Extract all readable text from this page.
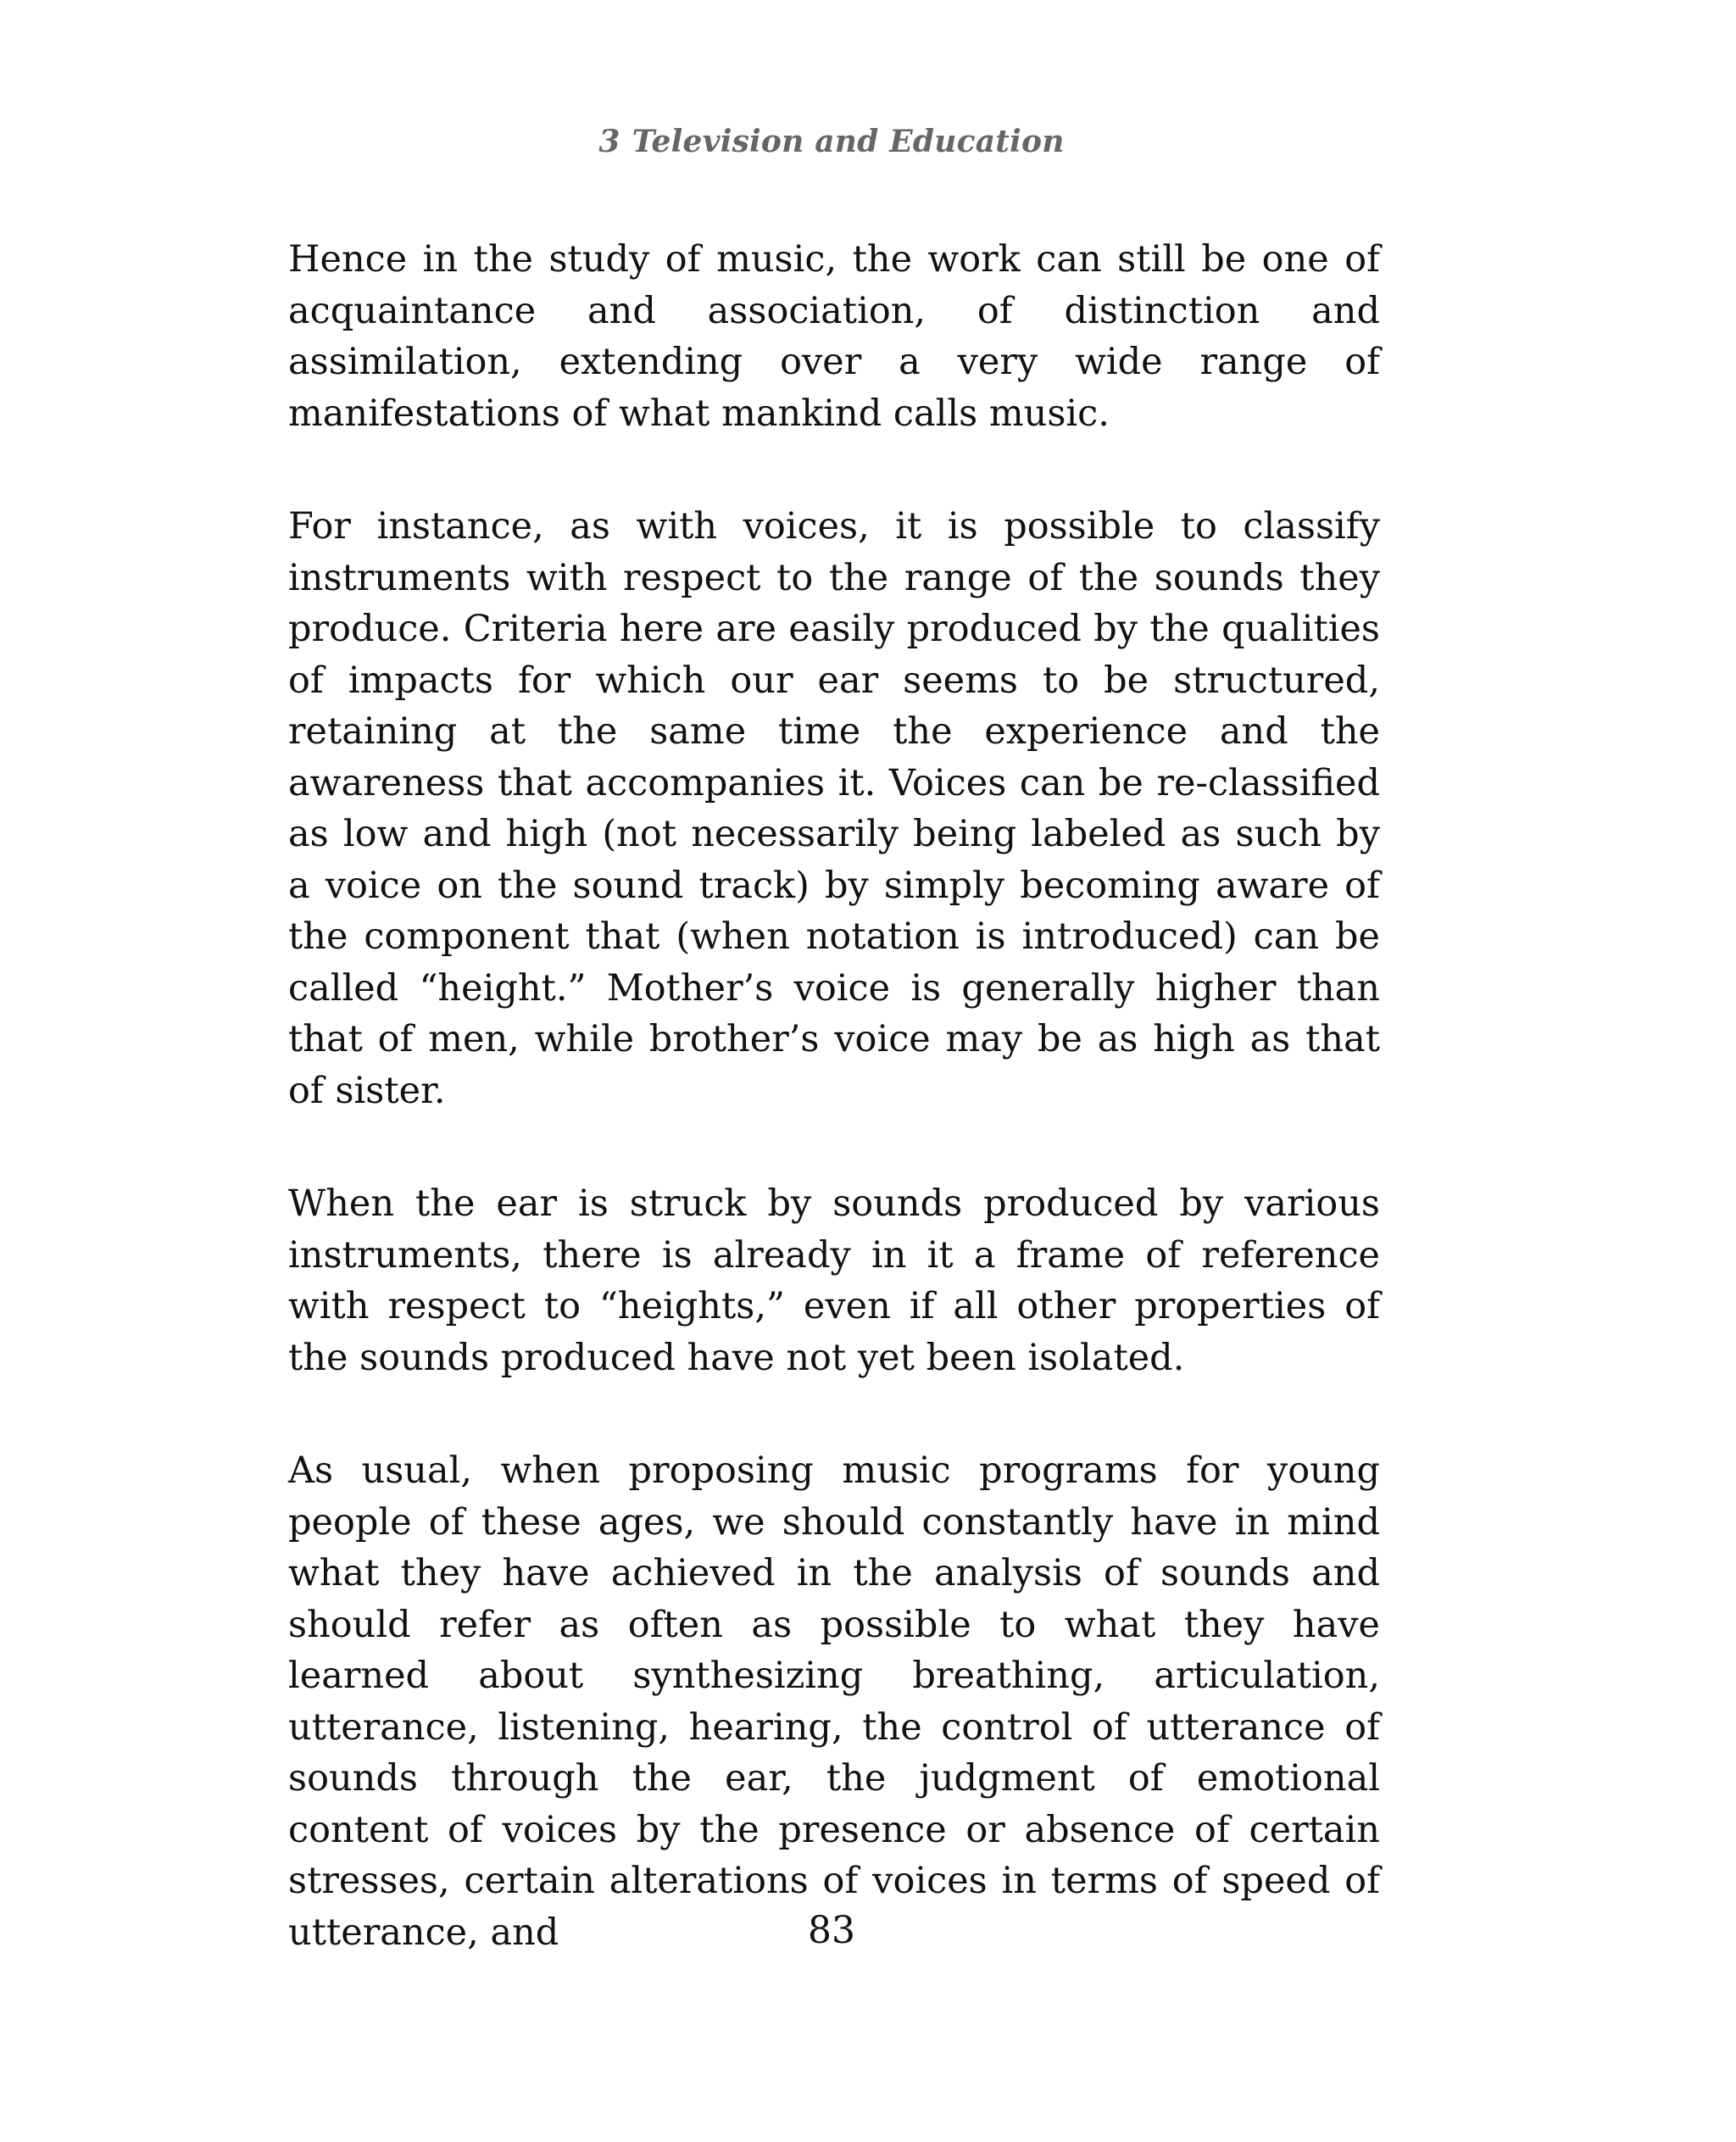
3 Television and Education

Hence in the study of music, the work can still be one of acquaintance and association, of distinction and assimilation, extending over a very wide range of manifestations of what mankind calls music.

For instance, as with voices, it is possible to classify instruments with respect to the range of the sounds they produce. Criteria here are easily produced by the qualities of impacts for which our ear seems to be structured, retaining at the same time the experience and the awareness that accompanies it. Voices can be re-classified as low and high (not necessarily being labeled as such by a voice on the sound track) by simply becoming aware of the component that (when notation is introduced) can be called “height.” Mother’s voice is generally higher than that of men, while brother’s voice may be as high as that of sister.

When the ear is struck by sounds produced by various instruments, there is already in it a frame of reference with respect to “heights,” even if all other properties of the sounds produced have not yet been isolated.

As usual, when proposing music programs for young people of these ages, we should constantly have in mind what they have achieved in the analysis of sounds and should refer as often as possible to what they have learned about synthesizing breathing, articulation, utterance, listening, hearing, the control of utterance of sounds through the ear, the judgment of emotional content of voices by the presence or absence of certain stresses, certain alterations of voices in terms of speed of utterance, and	83
